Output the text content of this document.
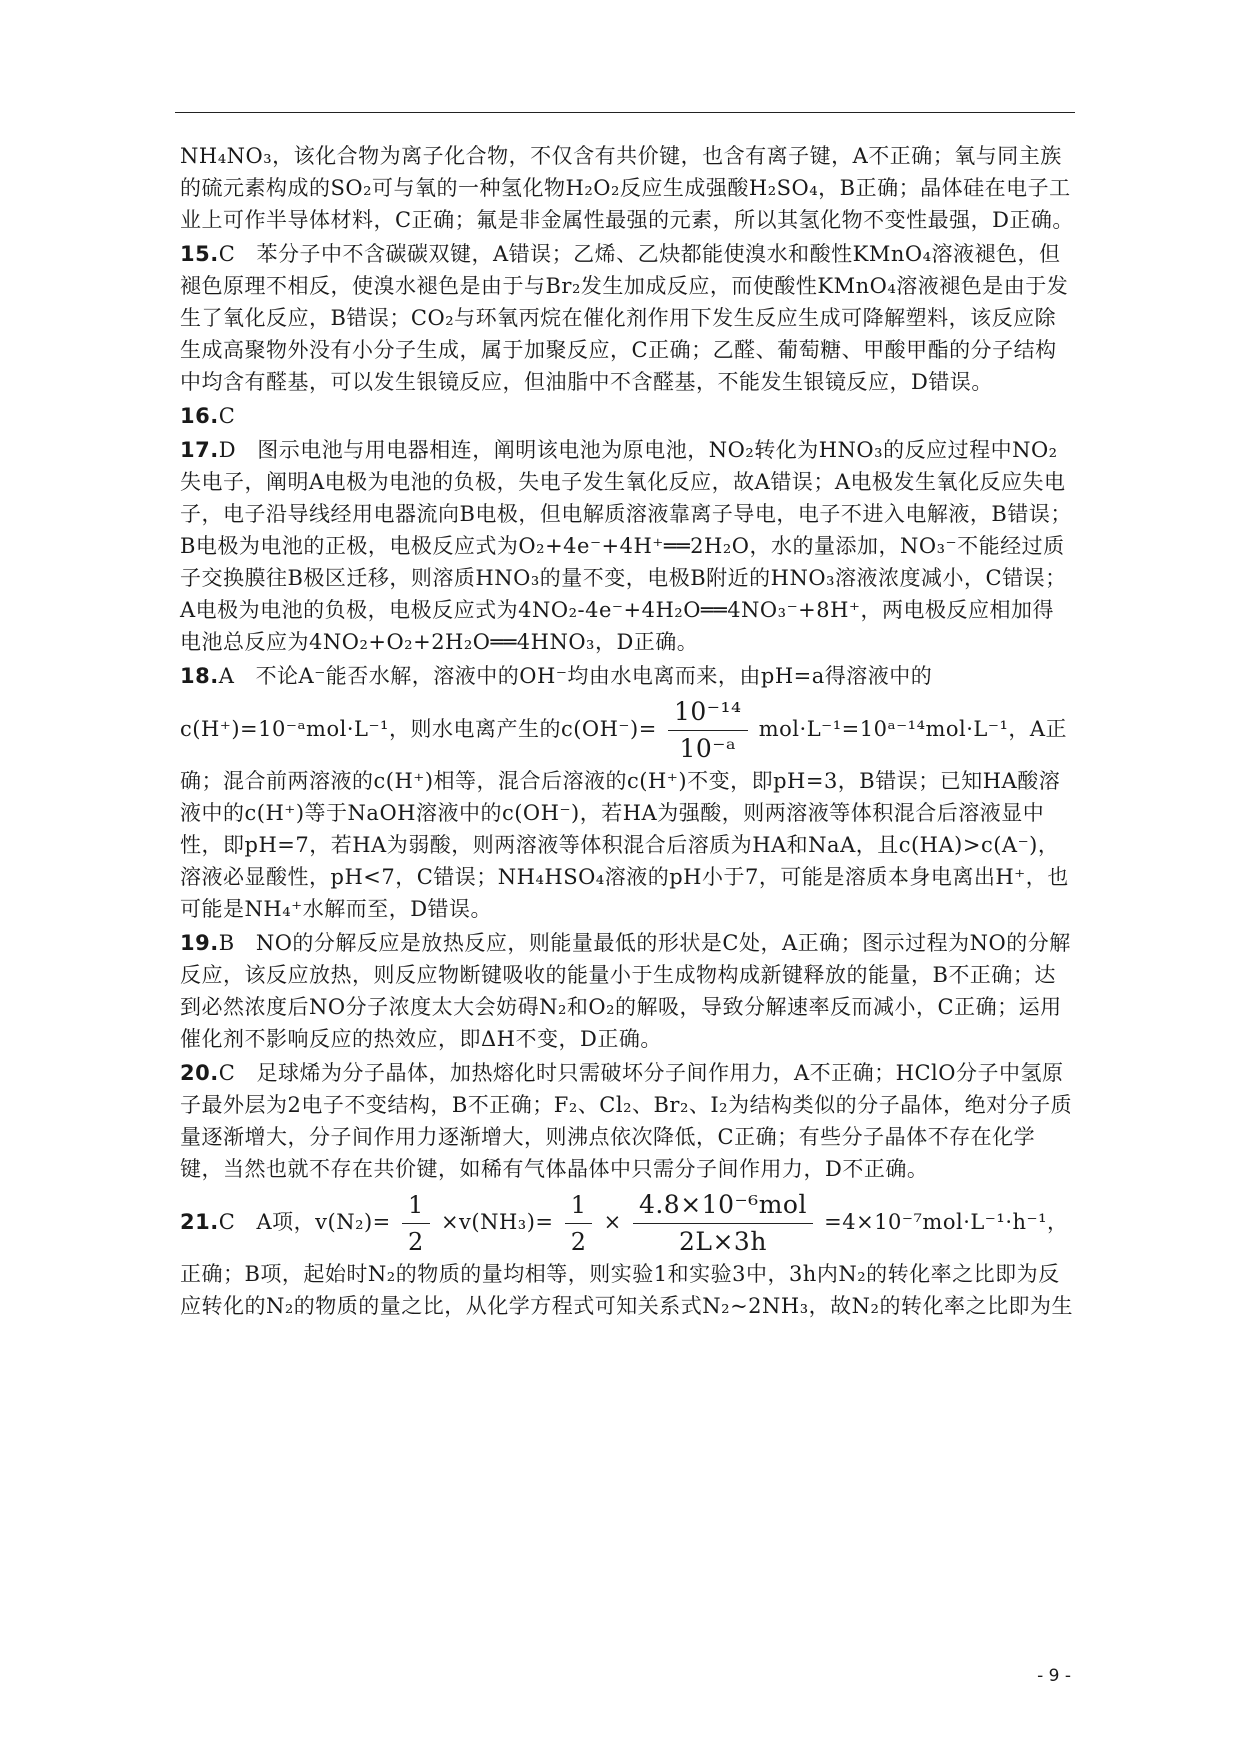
NH₄NO₃，该化合物为离子化合物，不仅含有共价键，也含有离子键，A不正确；氧与同主族的硫元素构成的SO₂可与氧的一种氢化物H₂O₂反应生成强酸H₂SO₄，B正确；晶体硅在电子工业上可作半导体材料，C正确；氟是非金属性最强的元素，所以其氢化物不变性最强，D正确。

15.C 苯分子中不含碳碳双键，A错误；乙烯、乙炔都能使溴水和酸性KMnO₄溶液褪色，但褪色原理不相反，使溴水褪色是由于与Br₂发生加成反应，而使酸性KMnO₄溶液褪色是由于发生了氧化反应，B错误；CO₂与环氧丙烷在催化剂作用下发生反应生成可降解塑料，该反应除生成高聚物外没有小分子生成，属于加聚反应，C正确；乙醛、葡萄糖、甲酸甲酯的分子结构中均含有醛基，可以发生银镜反应，但油脂中不含醛基，不能发生银镜反应，D错误。

16.C

17.D 图示电池与用电器相连，阐明该电池为原电池，NO₂转化为HNO₃的反应过程中NO₂失电子，阐明A电极为电池的负极，失电子发生氧化反应，故A错误；A电极发生氧化反应失电子，电子沿导线经用电器流向B电极，但电解质溶液靠离子导电，电子不进入电解液，B错误；B电极为电池的正极，电极反应式为O₂+4e⁻+4H⁺══2H₂O，水的量添加，NO₃⁻不能经过质子交换膜往B极区迁移，则溶质HNO₃的量不变，电极B附近的HNO₃溶液浓度减小，C错误；A电极为电池的负极，电极反应式为4NO₂-4e⁻+4H₂O══4NO₃⁻+8H⁺，两电极反应相加得电池总反应为4NO₂+O₂+2H₂O══4HNO₃，D正确。

18.A 不论A⁻能否水解，溶液中的OH⁻均由水电离而来，由pH=a得溶液中的

c(H⁺)=10⁻ᵃmol·L⁻¹，则水电离产生的$c(OH^-)= \frac{\text{10⁻¹⁴}}{\text{10⁻ᵃ}}$ mol·L⁻¹=10ᵃ⁻¹⁴mol·L⁻¹，A正确；混合前两溶液的c(H⁺)相等，混合后溶液的c(H⁺)不变，即pH=3，B错误；已知HA酸溶液中的c(H⁺)等于NaOH溶液中的c(OH⁻)，若HA为强酸，则两溶液等体积混合后溶液显中性，即pH=7，若HA为弱酸，则两溶液等体积混合后溶质为HA和NaA，且c(HA)>c(A⁻)，溶液必显酸性，pH<7，C错误；NH₄HSO₄溶液的pH小于7，可能是溶质本身电离出H⁺，也可能是NH₄⁺水解而至，D错误。

19.B NO的分解反应是放热反应，则能量最低的形状是C处，A正确；图示过程为NO的分解反应，该反应放热，则反应物断键吸收的能量小于生成物构成新键释放的能量，B不正确；达到必然浓度后NO分子浓度太大会妨碍N₂和O₂的解吸，导致分解速率反而减小，C正确；运用催化剂不影响反应的热效应，即ΔH不变，D正确。

20.C 足球烯为分子晶体，加热熔化时只需破坏分子间作用力，A不正确；HClO分子中氢原子最外层为2电子不变结构，B不正确；F₂、Cl₂、Br₂、I₂为结构类似的分子晶体，绝对分子质量逐渐增大，分子间作用力逐渐增大，则沸点依次降低，C正确；有些分子晶体不存在化学键，当然也就不存在共价键，如稀有气体晶体中只需分子间作用力，D不正确。

21.C A项，$v(N_2)= \frac{1}{2} \times v(NH_3)= \frac{1}{2} \times \frac{\text{4.8×10⁻⁶mol}}{2L\times 3h} =4\times 10^{-7}mol\cdot L^{-1}\cdot h^{-1}$，正确；B项，起始时N₂的物质的量均相等，则实验1和实验3中，3h内N₂的转化率之比即为反应转化的N₂的物质的量之比，从化学方程式可知关系式N₂~2NH₃，故N₂的转化率之比即为生
- 9 -
